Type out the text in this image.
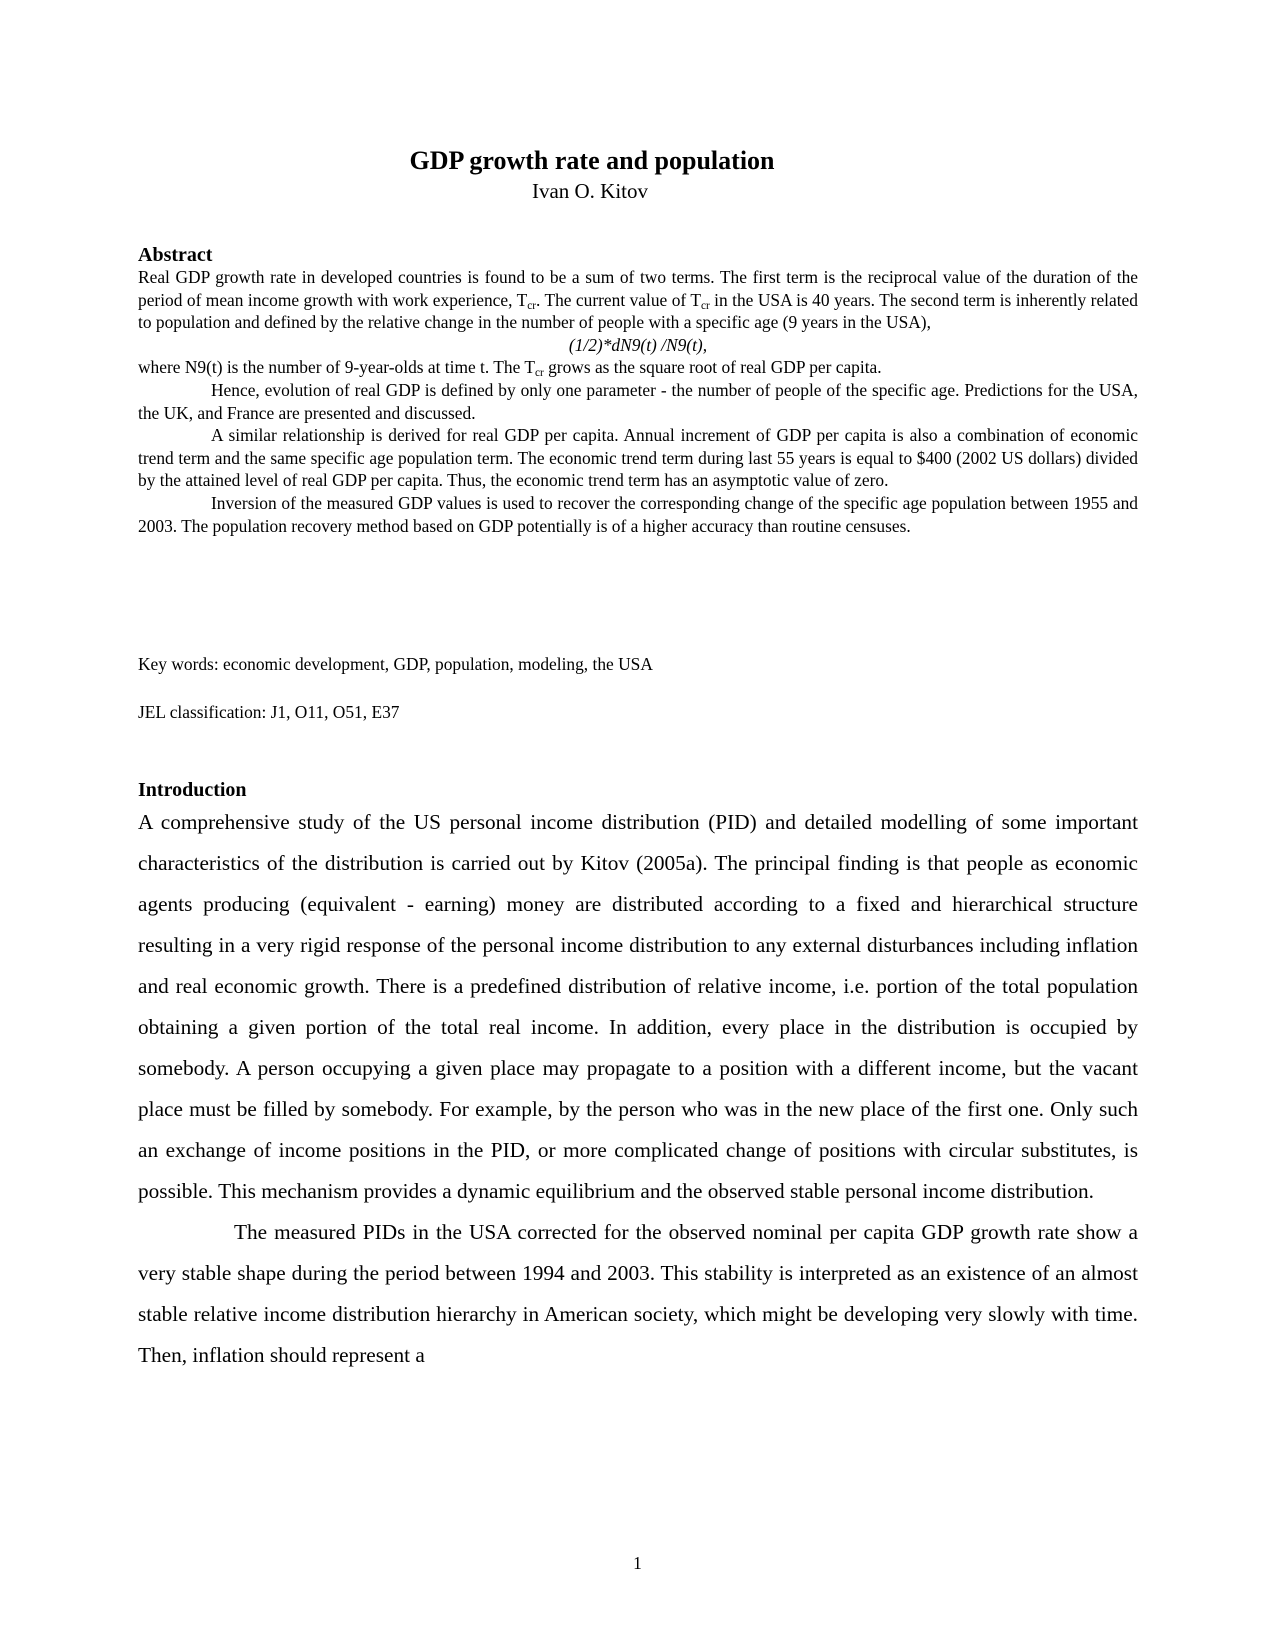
GDP growth rate and population
Ivan O. Kitov
Abstract

Real GDP growth rate in developed countries is found to be a sum of two terms. The first term is the reciprocal value of the duration of the period of mean income growth with work experience, $T_{cr}$. The current value of $T_{cr}$ in the USA is 40 years. The second term is inherently related to population and defined by the relative change in the number of people with a specific age (9 years in the USA),

(1/2)*dN9(t) /N9(t),

where N9(t) is the number of 9-year-olds at time t. The $T_{cr}$ grows as the square root of real GDP per capita.

Hence, evolution of real GDP is defined by only one parameter - the number of people of the specific age. Predictions for the USA, the UK, and France are presented and discussed.

A similar relationship is derived for real GDP per capita. Annual increment of GDP per capita is also a combination of economic trend term and the same specific age population term. The economic trend term during last 55 years is equal to $400 (2002 US dollars) divided by the attained level of real GDP per capita. Thus, the economic trend term has an asymptotic value of zero.

Inversion of the measured GDP values is used to recover the corresponding change of the specific age population between 1955 and 2003. The population recovery method based on GDP potentially is of a higher accuracy than routine censuses.

Key words: economic development, GDP, population, modeling, the USA
JEL classification: J1, O11, O51, E37
Introduction

A comprehensive study of the US personal income distribution (PID) and detailed modelling of some important characteristics of the distribution is carried out by Kitov (2005a). The principal finding is that people as economic agents producing (equivalent - earning) money are distributed according to a fixed and hierarchical structure resulting in a very rigid response of the personal income distribution to any external disturbances including inflation and real economic growth. There is a predefined distribution of relative income, i.e. portion of the total population obtaining a given portion of the total real income. In addition, every place in the distribution is occupied by somebody. A person occupying a given place may propagate to a position with a different income, but the vacant place must be filled by somebody. For example, by the person who was in the new place of the first one. Only such an exchange of income positions in the PID, or more complicated change of positions with circular substitutes, is possible. This mechanism provides a dynamic equilibrium and the observed stable personal income distribution.

The measured PIDs in the USA corrected for the observed nominal per capita GDP growth rate show a very stable shape during the period between 1994 and 2003. This stability is interpreted as an existence of an almost stable relative income distribution hierarchy in American society, which might be developing very slowly with time. Then, inflation should represent a

1
